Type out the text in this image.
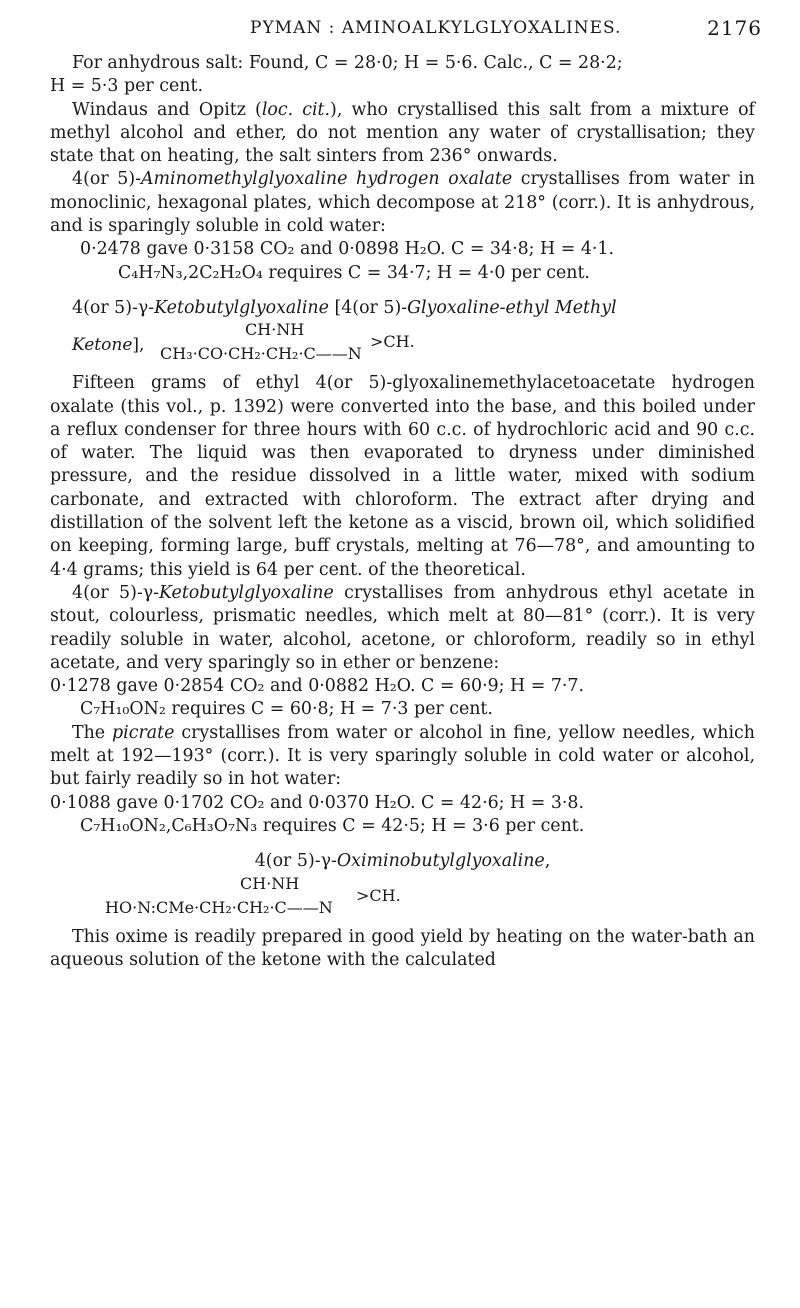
PYMAN : AMINOALKYLGLYOXALINES.	2176

For anhydrous salt: Found, C = 28·0; H = 5·6. Calc., C = 28·2;

H = 5·3 per cent.

Windaus and Opitz (loc. cit.), who crystallised this salt from a mixture of methyl alcohol and ether, do not mention any water of crystallisation; they state that on heating, the salt sinters from 236° onwards.

4(or 5)-Aminomethylglyoxaline hydrogen oxalate crystallises from water in monoclinic, hexagonal plates, which decompose at 218° (corr.). It is anhydrous, and is sparingly soluble in cold water:

0·2478 gave 0·3158 CO₂ and 0·0898 H₂O. C = 34·8; H = 4·1.

C₄H₇N₃,2C₂H₂O₄ requires C = 34·7; H = 4·0 per cent.

4(or 5)-γ-Ketobutylglyoxaline [4(or 5)-Glyoxaline-ethyl Methyl

Ketone],
CH·NH
CH₃·CO·CH₂·CH₂·C——N
>CH.

Fifteen grams of ethyl 4(or 5)-glyoxalinemethylacetoacetate hydrogen oxalate (this vol., p. 1392) were converted into the base, and this boiled under a reflux condenser for three hours with 60 c.c. of hydrochloric acid and 90 c.c. of water. The liquid was then evaporated to dryness under diminished pressure, and the residue dissolved in a little water, mixed with sodium carbonate, and extracted with chloroform. The extract after drying and distillation of the solvent left the ketone as a viscid, brown oil, which solidified on keeping, forming large, buff crystals, melting at 76—78°, and amounting to 4·4 grams; this yield is 64 per cent. of the theoretical.

4(or 5)-γ-Ketobutylglyoxaline crystallises from anhydrous ethyl acetate in stout, colourless, prismatic needles, which melt at 80—81° (corr.). It is very readily soluble in water, alcohol, acetone, or chloroform, readily so in ethyl acetate, and very sparingly so in ether or benzene:

0·1278 gave 0·2854 CO₂ and 0·0882 H₂O. C = 60·9; H = 7·7.

C₇H₁₀ON₂ requires C = 60·8; H = 7·3 per cent.

The picrate crystallises from water or alcohol in fine, yellow needles, which melt at 192—193° (corr.). It is very sparingly soluble in cold water or alcohol, but fairly readily so in hot water:

0·1088 gave 0·1702 CO₂ and 0·0370 H₂O. C = 42·6; H = 3·8.

C₇H₁₀ON₂,C₆H₃O₇N₃ requires C = 42·5; H = 3·6 per cent.

4(or 5)-γ-Oximinobutylglyoxaline,

CH·NH
HO·N:CMe·CH₂·CH₂·C——N
>CH.

This oxime is readily prepared in good yield by heating on the water-bath an aqueous solution of the ketone with the calculated
